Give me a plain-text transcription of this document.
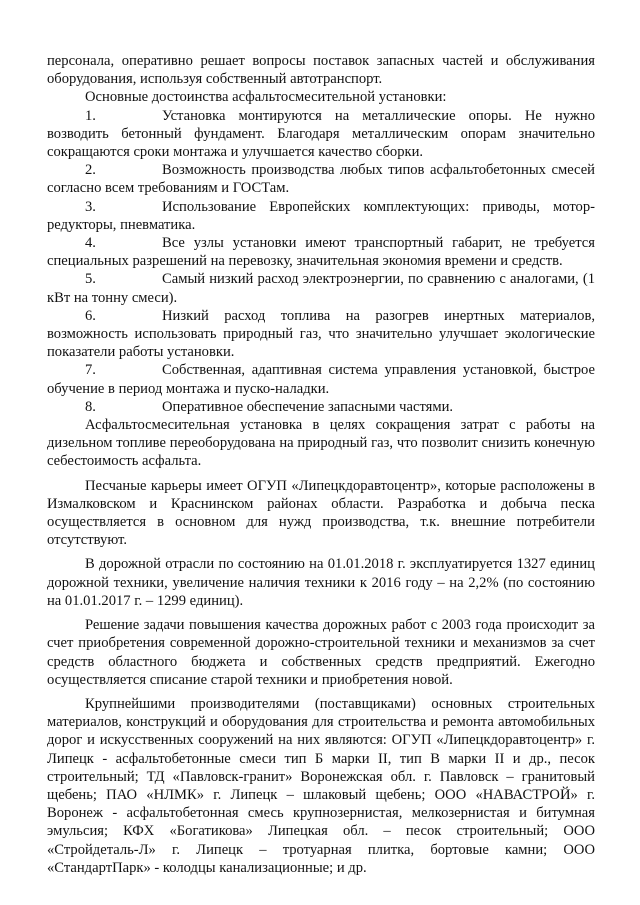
персонала, оперативно решает вопросы поставок запасных частей и обслуживания оборудования, используя собственный автотранспорт.

Основные достоинства асфальтосмесительной установки:

1.	Установка монтируются на металлические опоры. Не нужно возводить бетонный фундамент. Благодаря металлическим опорам значительно сокращаются сроки монтажа и улучшается качество сборки.

2.	Возможность производства любых типов асфальтобетонных смесей согласно всем требованиям и ГОСТам.

3.	Использование Европейских комплектующих: приводы, мотор-редукторы, пневматика.

4.	Все узлы установки имеют транспортный габарит, не требуется специальных разрешений на перевозку, значительная экономия времени и средств.

5.	Самый низкий расход электроэнергии, по сравнению с аналогами, (1 кВт на тонну смеси).

6.	Низкий расход топлива на разогрев инертных материалов, возможность использовать природный газ, что значительно улучшает экологические показатели работы установки.

7.	Собственная, адаптивная система управления установкой, быстрое обучение в период монтажа и пуско-наладки.

8.	Оперативное обеспечение запасными частями.

Асфальтосмесительная установка в целях сокращения затрат с работы на дизельном топливе переоборудована на природный газ, что позволит снизить конечную себестоимость асфальта.

Песчаные карьеры имеет ОГУП «Липецкдоравтоцентр», которые расположены в Измалковском и Краснинском районах области. Разработка и добыча песка осуществляется в основном для нужд производства, т.к. внешние потребители отсутствуют.

В дорожной отрасли по состоянию на 01.01.2018 г. эксплуатируется 1327 единиц дорожной техники, увеличение наличия техники к 2016 году – на 2,2% (по состоянию на 01.01.2017 г. – 1299 единиц).

Решение задачи повышения качества дорожных работ с 2003 года происходит за счет приобретения современной дорожно-строительной техники и механизмов за счет средств областного бюджета и собственных средств предприятий. Ежегодно осуществляется списание старой техники и приобретения новой.

Крупнейшими производителями (поставщиками) основных строительных материалов, конструкций и оборудования для строительства и ремонта автомобильных дорог и искусственных сооружений на них являются: ОГУП «Липецкдоравтоцентр» г. Липецк - асфальтобетонные смеси тип Б марки II, тип В марки II и др., песок строительный; ТД «Павловск-гранит» Воронежская обл. г. Павловск – гранитовый щебень; ПАО «НЛМК» г. Липецк – шлаковый щебень; ООО «НАВАСТРОЙ» г. Воронеж - асфальтобетонная смесь крупнозернистая, мелкозернистая и битумная эмульсия; КФХ «Богатикова» Липецкая обл. – песок строительный; ООО «Стройдеталь-Л» г. Липецк – тротуарная плитка, бортовые камни; ООО «СтандартПарк» - колодцы канализационные; и др.
